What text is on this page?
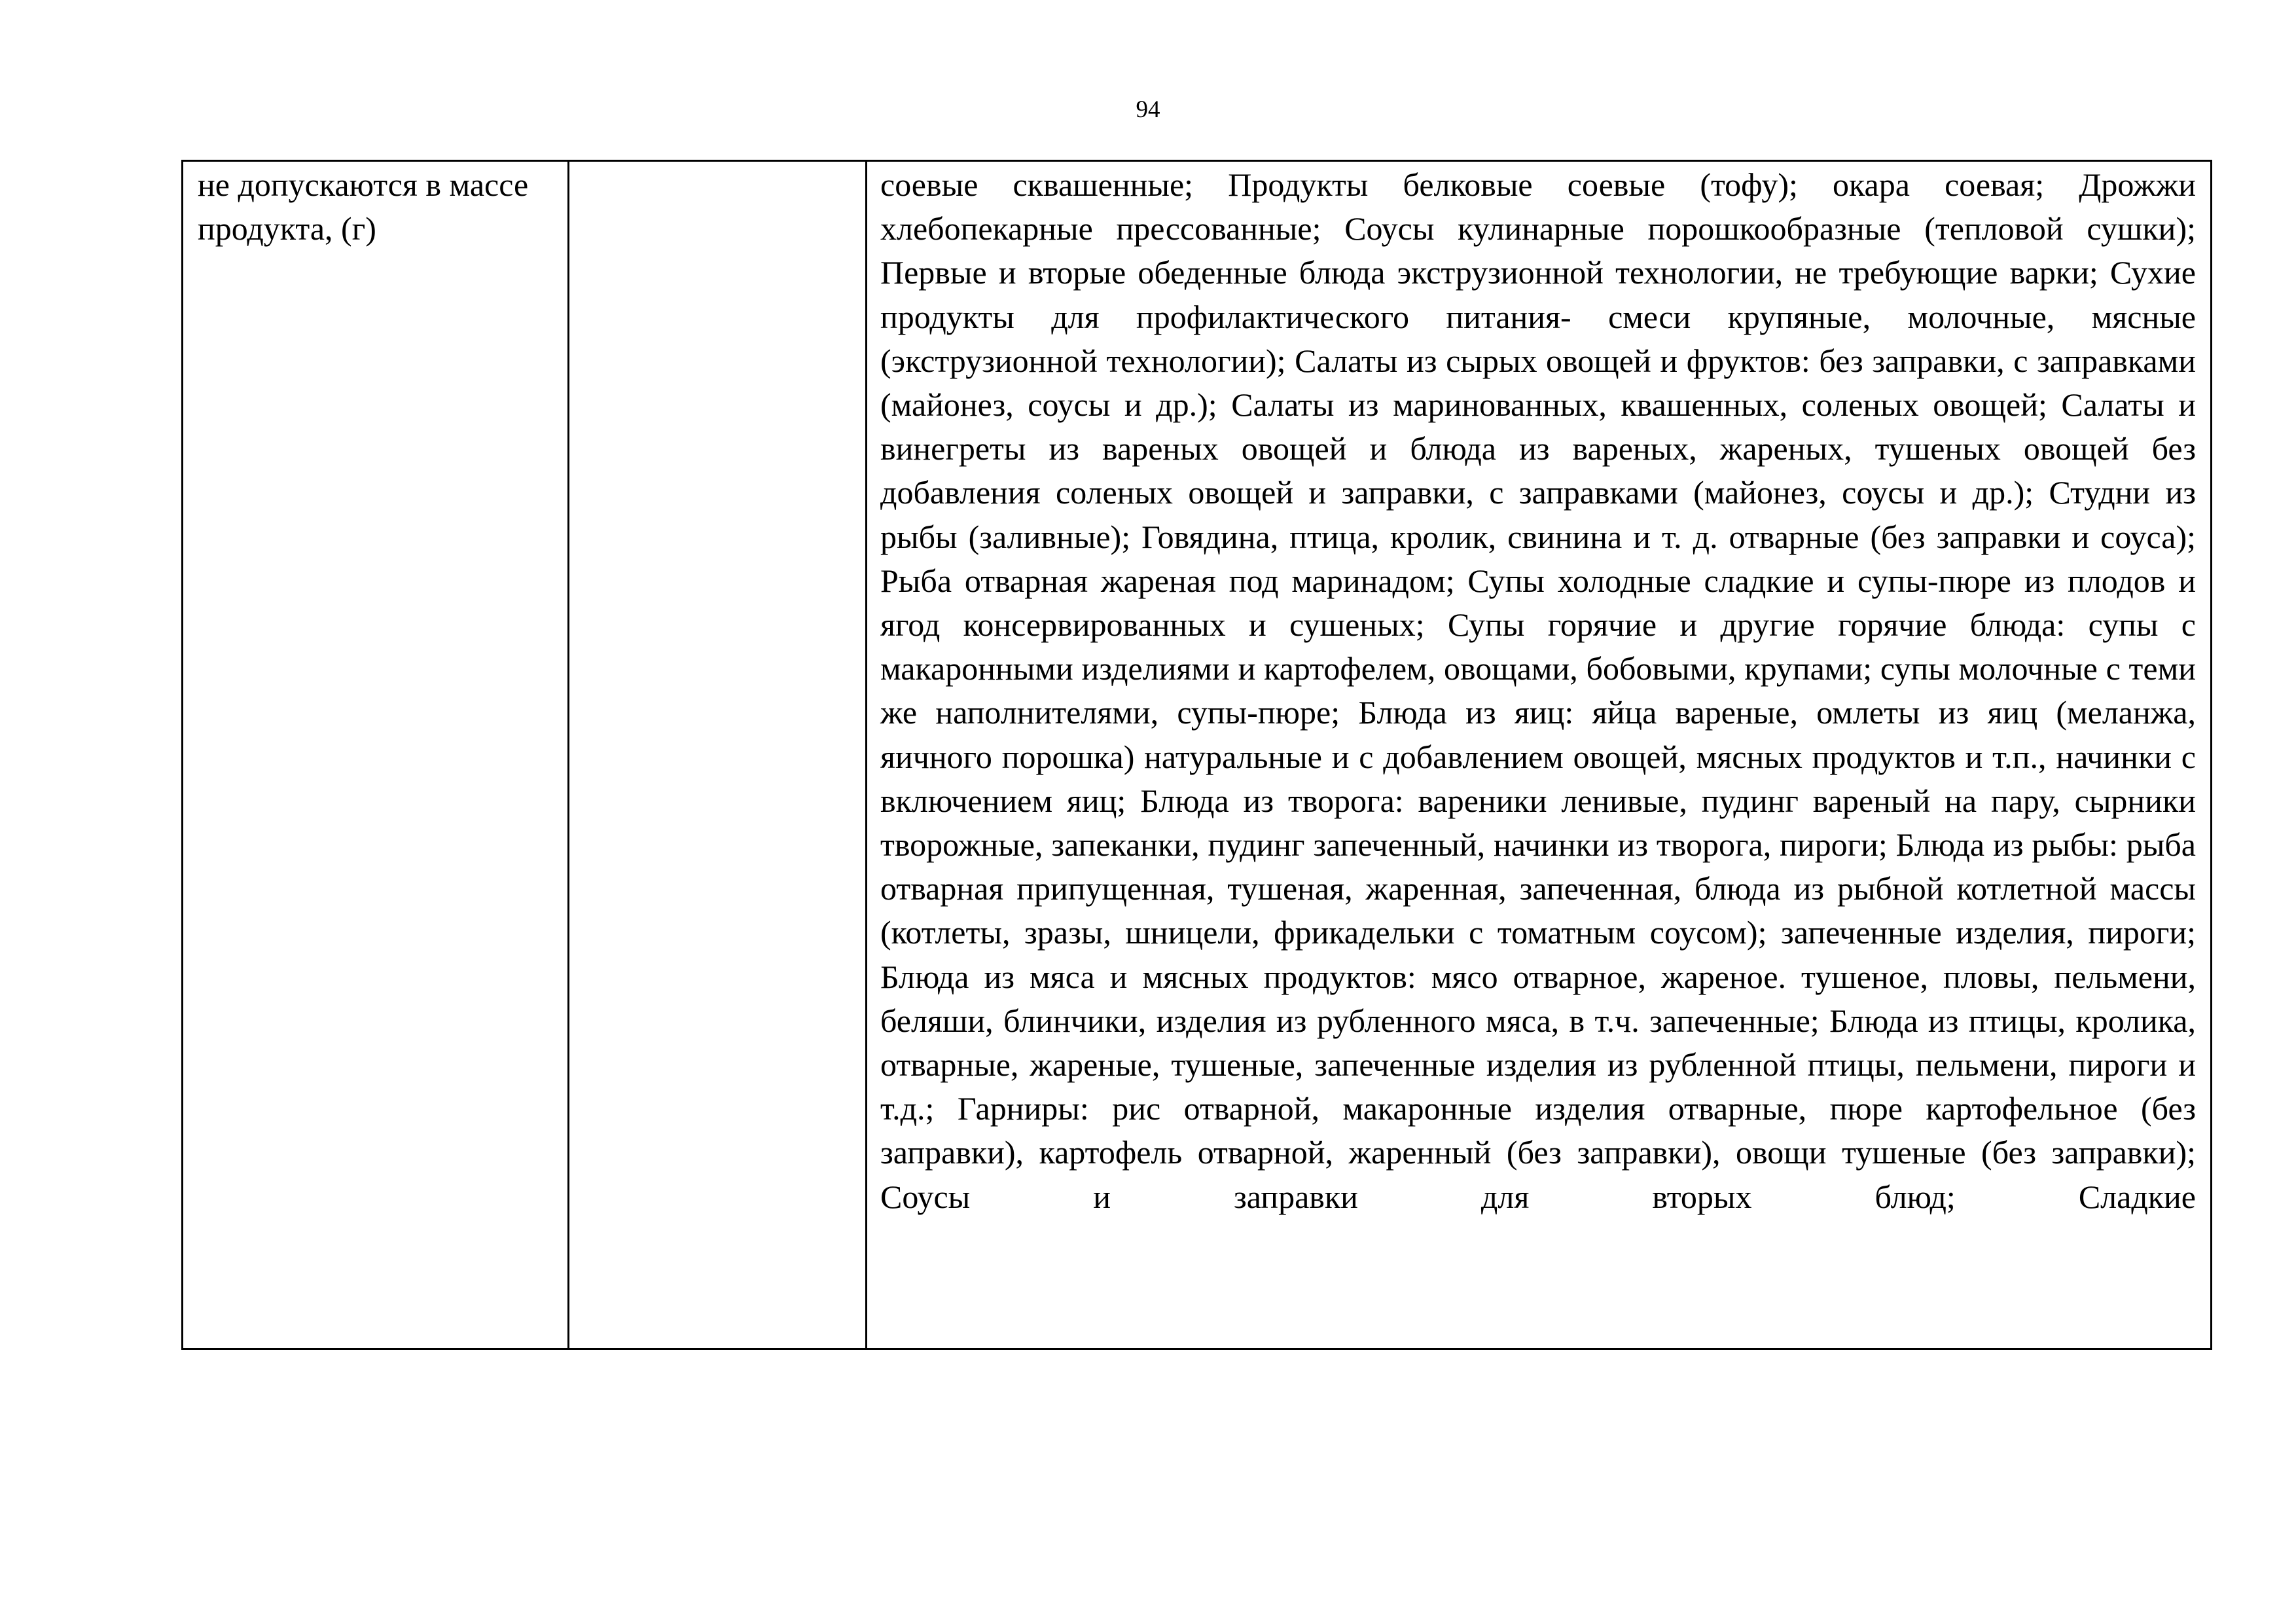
94
не допускаются в массе продукта, (г)

соевые сквашенные; Продукты белковые соевые (тофу); окара соевая; Дрожжи хлебопекарные прессованные; Соусы кулинарные порошкообразные (тепловой сушки); Первые и вторые обеденные блюда экструзионной технологии, не требующие варки; Сухие продукты для профилактического питания- смеси крупяные, молочные, мясные (экструзионной технологии); Салаты из сырых овощей и фруктов: без заправки, с заправками (майонез, соусы и др.); Салаты из маринованных, квашенных, соленых овощей; Салаты и винегреты из вареных овощей и блюда из вареных, жареных, тушеных овощей без добавления соленых овощей и заправки, с заправками (майонез, соусы и др.); Студни из рыбы (заливные); Говядина, птица, кролик, свинина и т. д. отварные (без заправки и соуса); Рыба отварная жареная под маринадом; Супы холодные сладкие и супы-пюре из плодов и ягод консервированных и сушеных; Супы горячие и другие горячие блюда: супы с макаронными изделиями и картофелем, овощами, бобовыми, крупами; супы молочные с теми же наполнителями, супы-пюре; Блюда из яиц: яйца вареные, омлеты из яиц (меланжа, яичного порошка) натуральные и с добавлением овощей, мясных продуктов и т.п., начинки с включением яиц; Блюда из творога: вареники ленивые, пудинг вареный на пару, сырники творожные, запеканки, пудинг запеченный, начинки из творога, пироги; Блюда из рыбы: рыба отварная припущенная, тушеная, жаренная, запеченная, блюда из рыбной котлетной массы (котлеты, зразы, шницели, фрикадельки с томатным соусом); запеченные изделия, пироги; Блюда из мяса и мясных продуктов: мясо отварное, жареное. тушеное, пловы, пельмени, беляши, блинчики, изделия из рубленного мяса, в т.ч. запеченные; Блюда из птицы, кролика, отварные, жареные, тушеные, запеченные изделия из рубленной птицы, пельмени, пироги и т.д.; Гарниры: рис отварной, макаронные изделия отварные, пюре картофельное (без заправки), картофель отварной, жаренный (без заправки), овощи тушеные (без заправки); Соусы и заправки для вторых блюд; Сладкие
